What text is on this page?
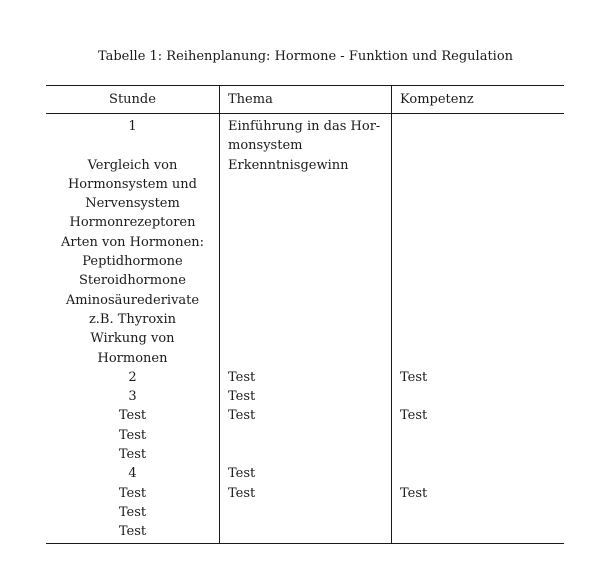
Tabelle 1: Reihenplanung: Hormone - Funktion und Regulation
Stunde	Thema	Kompetenz
1
Vergleich von
Hormonsystem und
Nervensystem
Hormonrezeptoren
Arten von Hormonen:
Peptidhormone
Steroidhormone
Aminosäurederivate
z.B. Thyroxin
Wirkung von
Hormonen
2
3
Test
Test
Test
4
Test
Test
Test
Einführung in das Hor-
monsystem
Erkenntnisgewinn
Test
Test
Test
Test
Test
Test
Test
Test
